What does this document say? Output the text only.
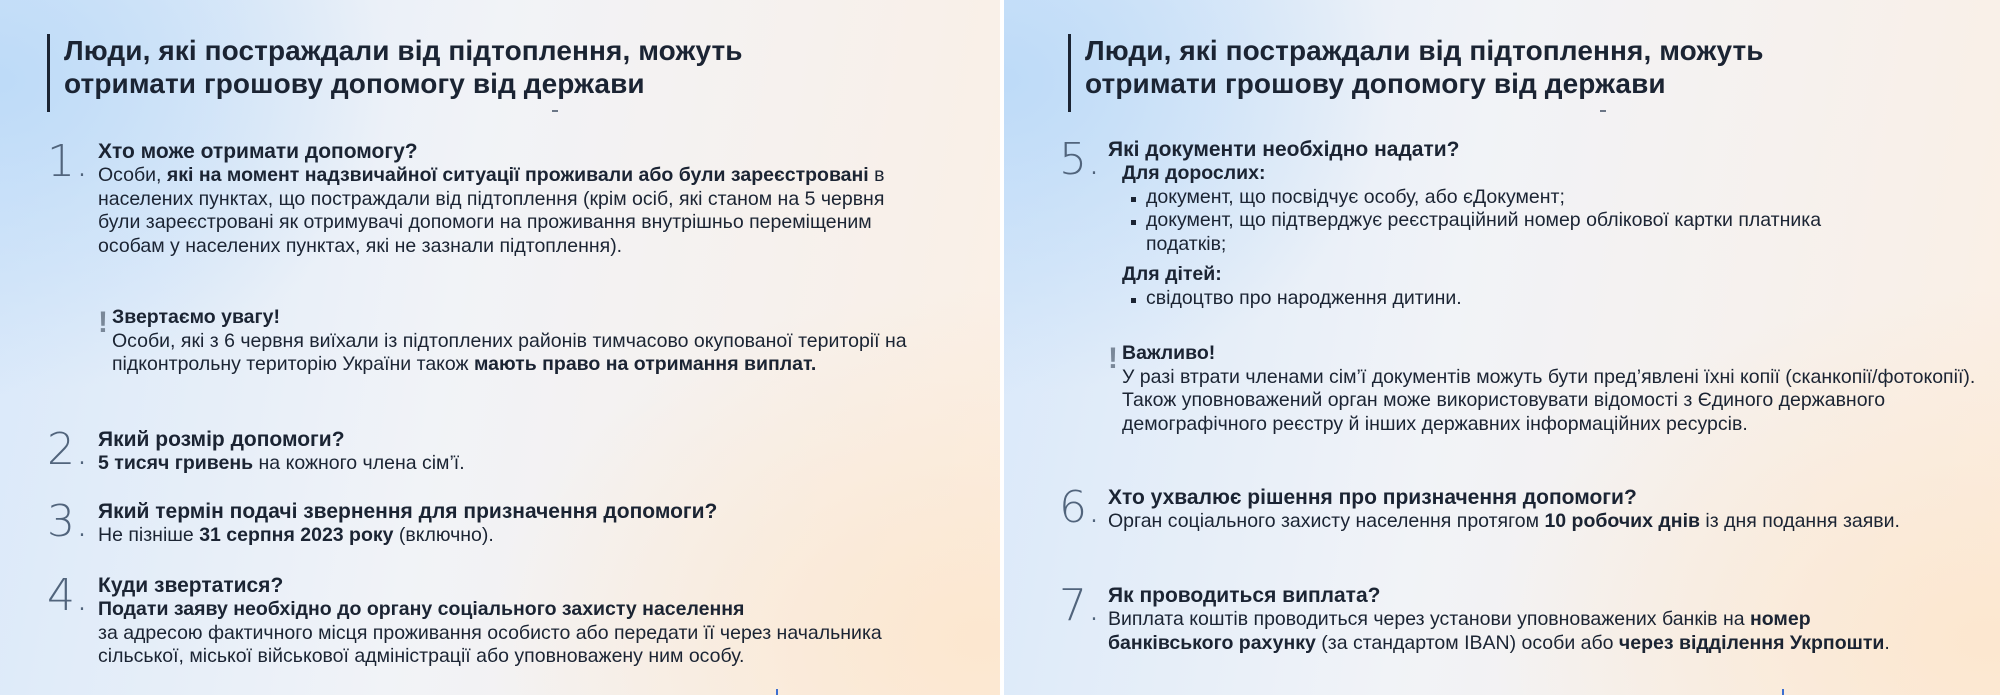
Люди, які постраждали від підтоплення, можуть
отримати грошову допомогу від держави

1. Хто може отримати допомогу?

Особи, які на момент надзвичайної ситуації проживали або були зареєстровані в населених пунктах, що постраждали від підтоплення (крім осіб, які станом на 5 червня були зареєстровані як отримувачі допомоги на проживання внутрішньо переміщеним особам у населених пунктах, які не зазнали підтоплення).

! Звертаємо увагу!

Особи, які з 6 червня виїхали із підтоплених районів тимчасово окупованої території на підконтрольну територію України також мають право на отримання виплат.

2. Який розмір допомоги?

5 тисяч гривень на кожного члена сім’ї.

3. Який термін подачі звернення для призначення допомоги?

Не пізніше 31 серпня 2023 року (включно).

4. Куди звертатися?

Подати заяву необхідно до органу соціального захисту населення

за адресою фактичного місця проживання особисто або передати її через начальника сільської, міської військової адміністрації або уповноважену ним особу.

Люди, які постраждали від підтоплення, можуть
отримати грошову допомогу від держави

5. Які документи необхідно надати?

Для дорослих:

документ, що посвідчує особу, або єДокумент;
документ, що підтверджує реєстраційний номер облікової картки платника податків;

Для дітей:

свідоцтво про народження дитини.
! Важливо!

У разі втрати членами сім’ї документів можуть бути пред’явлені їхні копії (сканкопії/фотокопії). Також уповноважений орган може використовувати відомості з Єдиного державного демографічного реєстру й інших державних інформаційних ресурсів.

6. Хто ухвалює рішення про призначення допомоги?

Орган соціального захисту населення протягом 10 робочих днів із дня подання заяви.

7. Як проводиться виплата?

Виплата коштів проводиться через установи уповноважених банків на номер банківського рахунку (за стандартом IBAN) особи або через відділення Укрпошти.
